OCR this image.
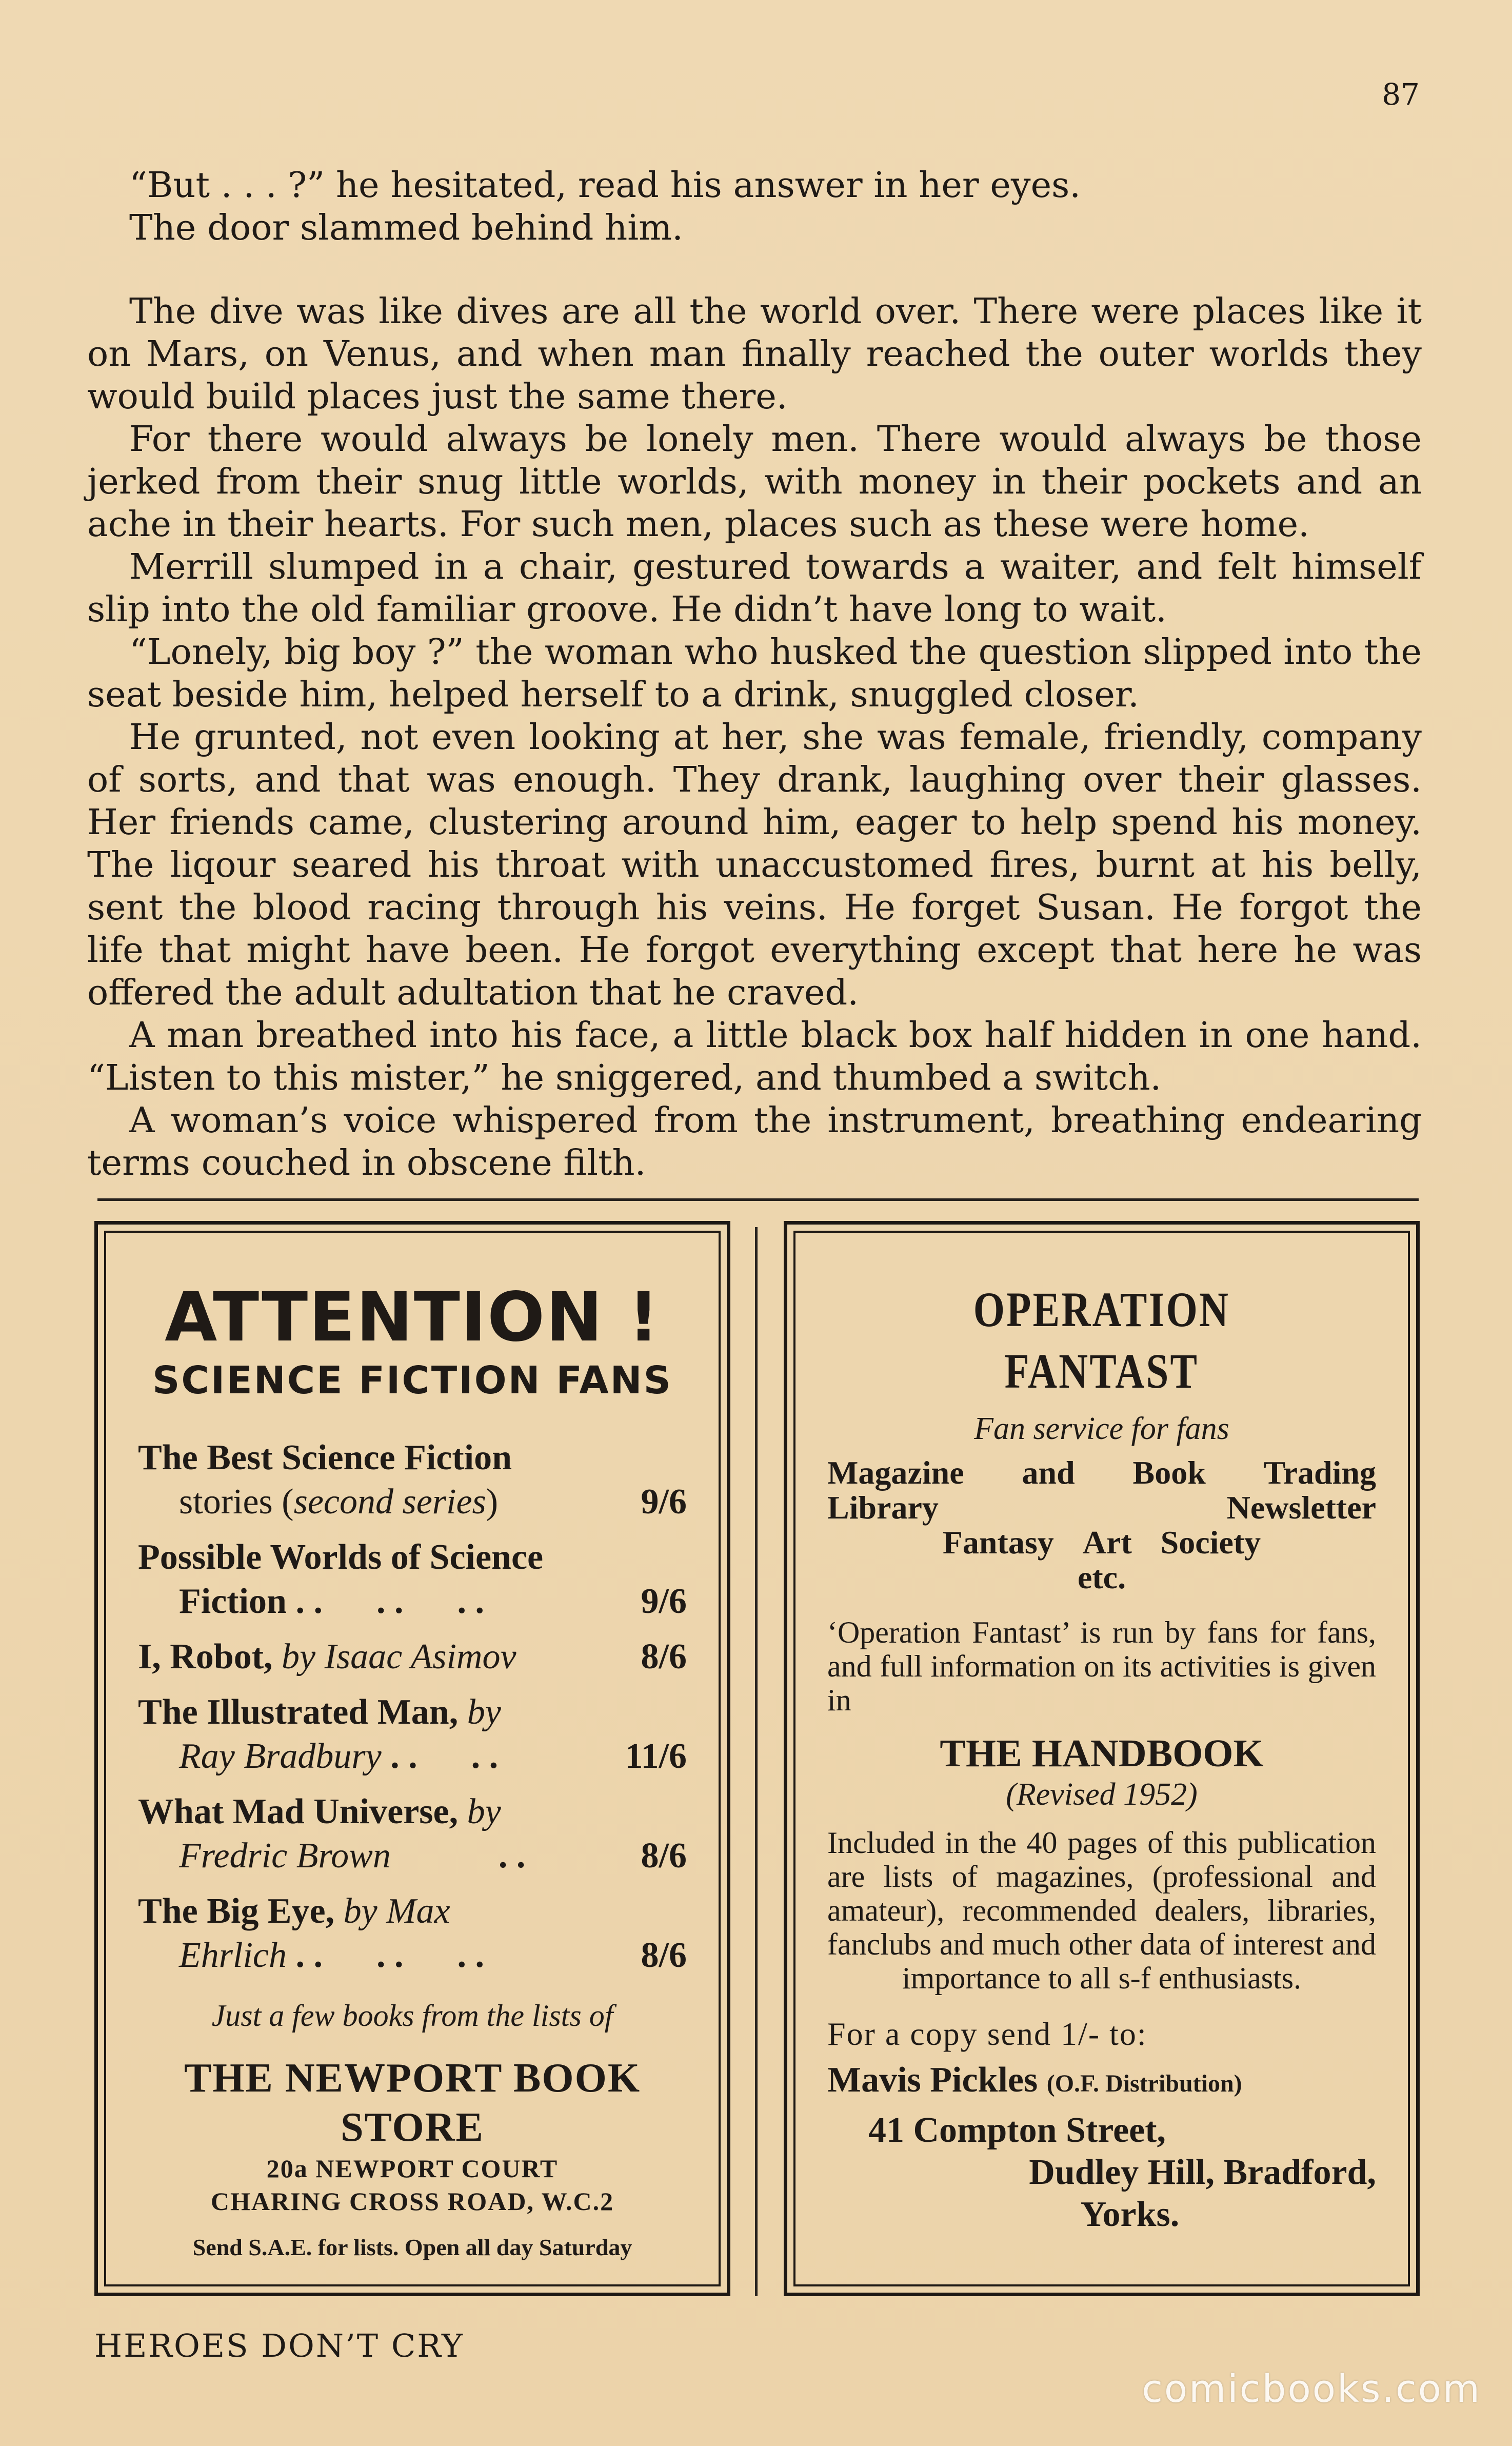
87

“But . . . ?” he hesitated, read his answer in her eyes.

The door slammed behind him.

The dive was like dives are all the world over. There were places like it on Mars, on Venus, and when man finally reached the outer worlds they would build places just the same there.

For there would always be lonely men. There would always be those jerked from their snug little worlds, with money in their pockets and an ache in their hearts. For such men, places such as these were home.

Merrill slumped in a chair, gestured towards a waiter, and felt himself slip into the old familiar groove. He didn’t have long to wait.

“Lonely, big boy ?” the woman who husked the question slipped into the seat beside him, helped herself to a drink, snuggled closer.

He grunted, not even looking at her, she was female, friendly, company of sorts, and that was enough. They drank, laughing over their glasses. Her friends came, clustering around him, eager to help spend his money. The liqour seared his throat with unaccustomed fires, burnt at his belly, sent the blood racing through his veins. He forget Susan. He forgot the life that might have been. He forgot everything except that here he was offered the adult adultation that he craved.

A man breathed into his face, a little black box half hidden in one hand. “Listen to this mister,” he sniggered, and thumbed a switch.

A woman’s voice whispered from the instrument, breathing endearing terms couched in obscene filth.

ATTENTION !
SCIENCE FICTION FANS
The Best Science Fiction
stories (second series)	9/6
Possible Worlds of Science
Fiction . .      . .      . .	9/6
I, Robot, by Isaac Asimov	8/6
The Illustrated Man, by
Ray Bradbury . .      . .	11/6
What Mad Universe, by
Fredric Brown            . .	8/6
The Big Eye, by Max
Ehrlich . .      . .      . .	8/6
Just a few books from the lists of
THE NEWPORT BOOK STORE
20a NEWPORT COURT
CHARING CROSS ROAD, W.C.2
Send S.A.E. for lists. Open all day Saturday
OPERATION FANTAST
Fan service for fans
Magazine and Book Trading
Library	Newsletter
Fantasy Art Society
etc.
‘Operation Fantast’ is run by fans for fans, and full information on its activities is given in
THE HANDBOOK
(Revised 1952)
Included in the 40 pages of this publication are lists of magazines, (professional and amateur), recommended dealers, libraries, fanclubs and much other data of interest and importance to all s-f enthusiasts.
For a copy send 1/- to:
Mavis Pickles (O.F. Distribution)
41 Compton Street,
Dudley Hill, Bradford,
Yorks.
HEROES DON’T CRY
comicbooks.com
